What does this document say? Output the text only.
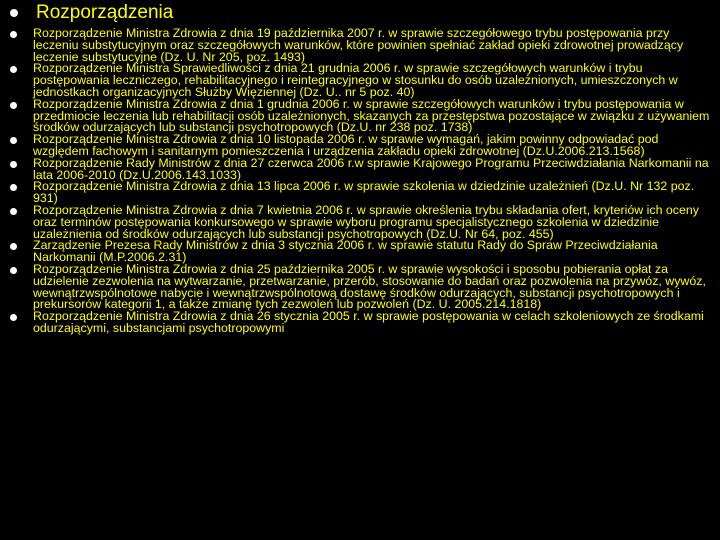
Rozporządzenia
Rozporządzenie Ministra Zdrowia z dnia 19 października 2007 r. w sprawie szczegółowego trybu postępowania przy leczeniu substytucyjnym oraz szczegółowych warunków, które powinien spełniać zakład opieki zdrowotnej prowadzący leczenie substytucyjne (Dz. U. Nr 205, poz. 1493)
Rozporządzenie Ministra Sprawiedliwości z dnia 21 grudnia 2006 r. w sprawie szczegółowych warunków i trybu postępowania leczniczego, rehabilitacyjnego i reintegracyjnego w stosunku do osób uzależnionych, umieszczonych w jednostkach organizacyjnych Służby Więziennej (Dz. U.. nr 5 poz. 40)
Rozporządzenie Ministra Zdrowia z dnia 1 grudnia 2006 r. w sprawie szczegółowych warunków i trybu postępowania w przedmiocie leczenia lub rehabilitacji osób uzależnionych, skazanych za przestępstwa pozostające w związku z używaniem środków odurzających lub substancji psychotropowych (Dz.U. nr 238 poz. 1738)
Rozporządzenie Ministra Zdrowia z dnia 10 listopada 2006 r. w sprawie wymagań, jakim powinny odpowiadać pod względem fachowym i sanitarnym pomieszczenia i urządzenia zakładu opieki zdrowotnej (Dz.U.2006.213.1568)
Rozporządzenie Rady Ministrów z dnia 27 czerwca 2006 r.w sprawie Krajowego Programu Przeciwdziałania Narkomanii na lata 2006-2010 (Dz.U.2006.143.1033)
Rozporządzenie Ministra Zdrowia z dnia 13 lipca 2006 r. w sprawie szkolenia w dziedzinie uzależnień (Dz.U. Nr 132 poz. 931)
Rozporządzenie Ministra Zdrowia z dnia 7 kwietnia 2006 r. w sprawie określenia trybu składania ofert, kryteriów ich oceny oraz terminów postępowania konkursowego w sprawie wyboru programu specjalistycznego szkolenia w dziedzinie uzależnienia od środków odurzających lub substancji psychotropowych (Dz.U. Nr 64, poz. 455)
Zarządzenie Prezesa Rady Ministrów z dnia 3 stycznia 2006 r. w sprawie statutu Rady do Spraw Przeciwdziałania Narkomanii (M.P.2006.2.31)
Rozporządzenie Ministra Zdrowia z dnia 25 października 2005 r. w sprawie wysokości i sposobu pobierania opłat za udzielenie zezwolenia na wytwarzanie, przetwarzanie, przerób, stosowanie do badań oraz pozwolenia na przywóz, wywóz, wewnątrzwspólnotowe nabycie i wewnątrzwspólnotową dostawę środków odurzających, substancji psychotropowych i prekursorów kategorii 1, a także zmianę tych zezwoleń lub pozwoleń (Dz. U. 2005.214.1818)
Rozporządzenie Ministra Zdrowia z dnia 26 stycznia 2005 r. w sprawie postępowania w celach szkoleniowych ze środkami odurzającymi, substancjami psychotropowymi
